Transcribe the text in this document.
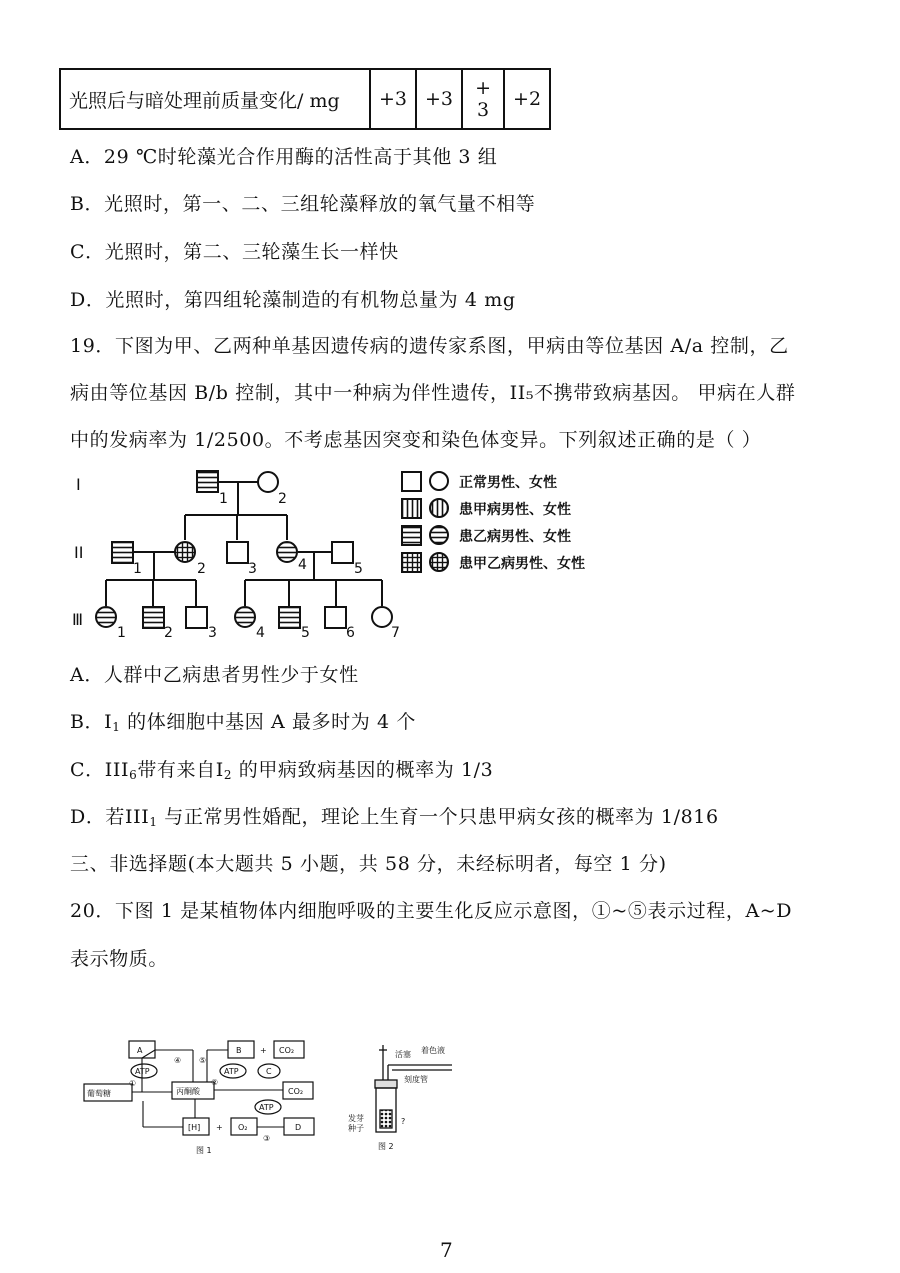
光照后与暗处理前质量变化/ mg	+3	+3	+ 3	+2
A．29 ℃时轮藻光合作用酶的活性高于其他 3 组
B．光照时，第一、二、三组轮藻释放的氧气量不相等
C．光照时，第二、三轮藻生长一样快
D．光照时，第四组轮藻制造的有机物总量为 4 mg
19．下图为甲、乙两种单基因遗传病的遗传家系图，甲病由等位基因 A/a 控制，乙
病由等位基因 B/b 控制，其中一种病为伴性遗传，II₅不携带致病基因。 甲病在人群
中的发病率为 1/2500。不考虑基因突变和染色体变异。下列叙述正确的是（ ）
I
II
Ⅲ
1	2
1	2	3	4	5
1	2	3	4	5	6	7
正常男性、女性
患甲病男性、女性
患乙病男性、女性
患甲乙病男性、女性
A．人群中乙病患者男性少于女性
B．$I_1$ 的体细胞中基因 A 最多时为 4 个
C．$III_6$带有来自$I_2$ 的甲病致病基因的概率为 1/3
D．若$III_1$ 与正常男性婚配，理论上生育一个只患甲病女孩的概率为 1/816
三、非选择题(本大题共 5 小题，共 58 分，未经标明者，每空 1 分)
20．下图 1 是某植物体内细胞呼吸的主要生化反应示意图，①~⑤表示过程，A~D
表示物质。
A	B	CO₂
葡萄糖	丙酮酸	CO₂
[H]	O₂	D
ATP	ATP	C
ATP
①	②
③
④ ⑤
+
+
图 1
活塞 着色液
刻度管
发芽
种子
?
图 2
7
